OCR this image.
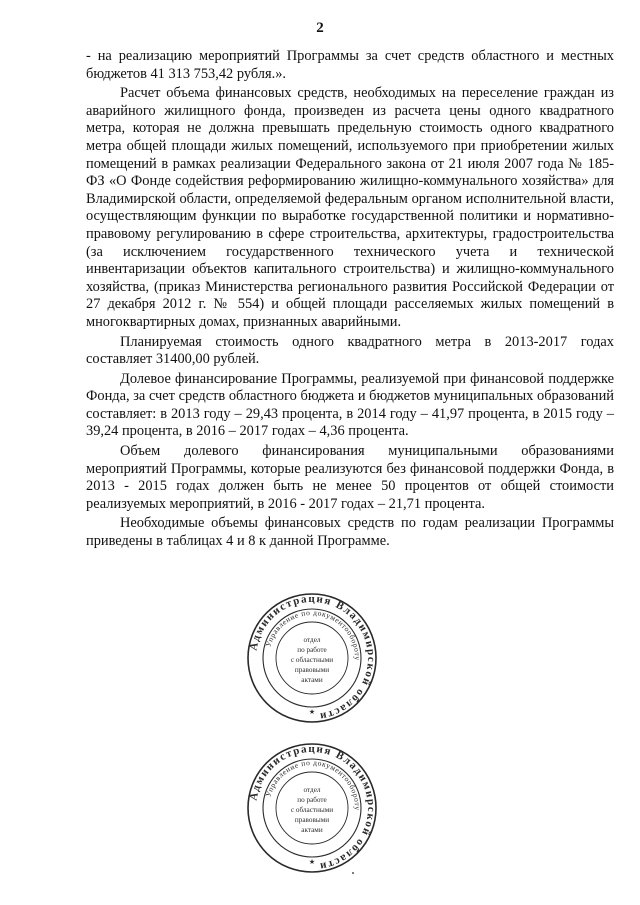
2

- на реализацию мероприятий Программы за счет средств областного и местных бюджетов 41 313 753,42 рубля.».

Расчет объема финансовых средств, необходимых на переселение граждан из аварийного жилищного фонда, произведен из расчета цены одного квадратного метра, которая не должна превышать предельную стоимость одного квадратного метра общей площади жилых помещений, используемого при приобретении жилых помещений в рамках реализации Федерального закона от 21 июля 2007 года № 185-ФЗ «О Фонде содействия реформированию жилищно-коммунального хозяйства» для Владимирской области, определяемой федеральным органом исполнительной власти, осуществляющим функции по выработке государственной политики и нормативно-правовому регулированию в сфере строительства, архитектуры, градостроительства (за исключением государственного технического учета и технической инвентаризации объектов капитального строительства) и жилищно-коммунального хозяйства, (приказ Министерства регионального развития Российской Федерации от 27 декабря 2012 г. № 554) и общей площади расселяемых жилых помещений в многоквартирных домах, признанных аварийными.

Планируемая стоимость одного квадратного метра в 2013-2017 годах составляет 31400,00 рублей.

Долевое финансирование Программы, реализуемой при финансовой поддержке Фонда, за счет средств областного бюджета и бюджетов муниципальных образований составляет: в 2013 году – 29,43 процента, в 2014 году – 41,97 процента, в 2015 году – 39,24 процента, в 2016 – 2017 годах – 4,36 процента.

Объем долевого финансирования муниципальными образованиями мероприятий Программы, которые реализуются без финансовой поддержки Фонда, в 2013 - 2015 годах должен быть не менее 50 процентов от общей стоимости реализуемых мероприятий, в 2016 - 2017 годах – 21,71 процента.

Необходимые объемы финансовых средств по годам реализации Программы приведены в таблицах 4 и 8 к данной Программе.

Администрация Владимирской области
Управление по документообороту
отдел
по работе
с областными
правовыми
актами
★
Администрация Владимирской области
Управление по документообороту
отдел
по работе
с областными
правовыми
актами
★
